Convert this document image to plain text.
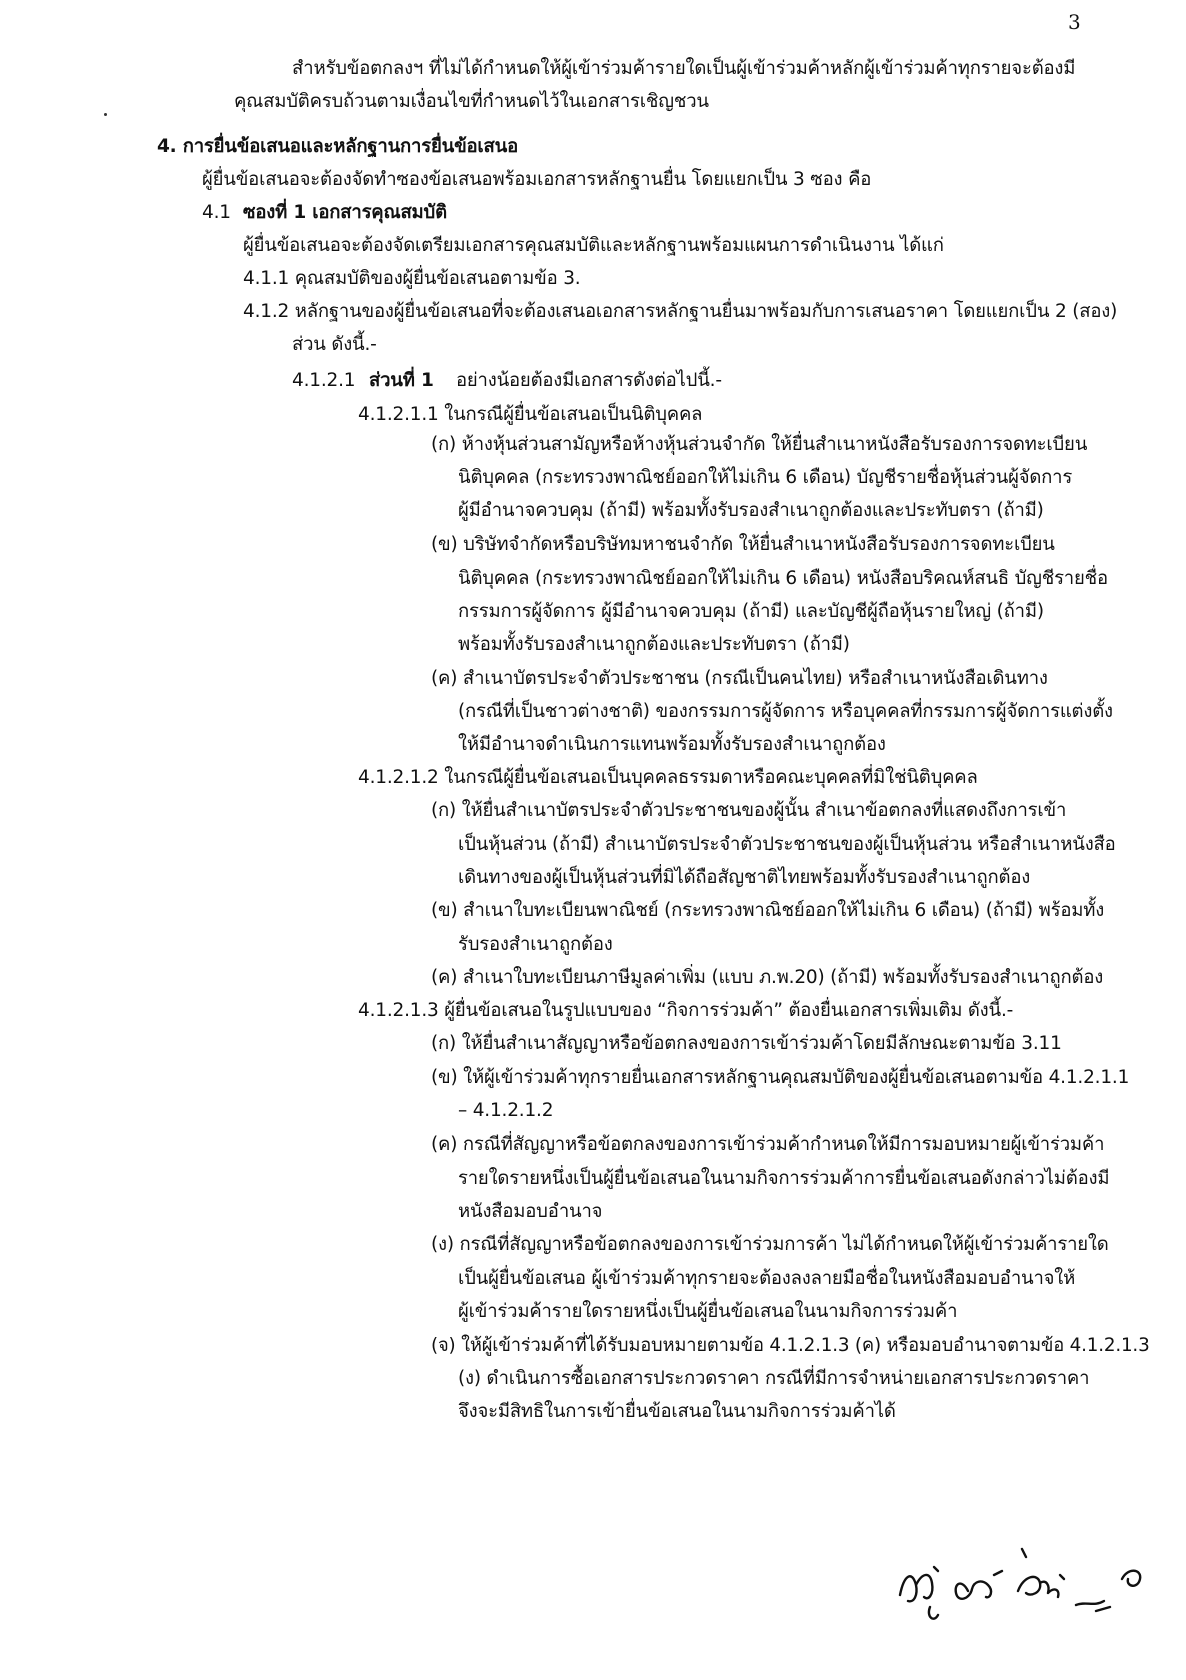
3
สำหรับข้อตกลงฯ ที่ไม่ได้กำหนดให้ผู้เข้าร่วมค้ารายใดเป็นผู้เข้าร่วมค้าหลักผู้เข้าร่วมค้าทุกรายจะต้องมี
คุณสมบัติครบถ้วนตามเงื่อนไขที่กำหนดไว้ในเอกสารเชิญชวน
4. การยื่นข้อเสนอและหลักฐานการยื่นข้อเสนอ
ผู้ยื่นข้อเสนอจะต้องจัดทำซองข้อเสนอพร้อมเอกสารหลักฐานยื่น โดยแยกเป็น 3 ซอง คือ
4.1 ซองที่ 1 เอกสารคุณสมบัติ
ผู้ยื่นข้อเสนอจะต้องจัดเตรียมเอกสารคุณสมบัติและหลักฐานพร้อมแผนการดำเนินงาน ได้แก่
4.1.1 คุณสมบัติของผู้ยื่นข้อเสนอตามข้อ 3.
4.1.2 หลักฐานของผู้ยื่นข้อเสนอที่จะต้องเสนอเอกสารหลักฐานยื่นมาพร้อมกับการเสนอราคา โดยแยกเป็น 2 (สอง)
ส่วน ดังนี้.-
4.1.2.1 ส่วนที่ 1 อย่างน้อยต้องมีเอกสารดังต่อไปนี้.-
4.1.2.1.1 ในกรณีผู้ยื่นข้อเสนอเป็นนิติบุคคล
(ก) ห้างหุ้นส่วนสามัญหรือห้างหุ้นส่วนจำกัด ให้ยื่นสำเนาหนังสือรับรองการจดทะเบียน
นิติบุคคล (กระทรวงพาณิชย์ออกให้ไม่เกิน 6 เดือน) บัญชีรายชื่อหุ้นส่วนผู้จัดการ
ผู้มีอำนาจควบคุม (ถ้ามี) พร้อมทั้งรับรองสำเนาถูกต้องและประทับตรา (ถ้ามี)
(ข) บริษัทจำกัดหรือบริษัทมหาชนจำกัด ให้ยื่นสำเนาหนังสือรับรองการจดทะเบียน
นิติบุคคล (กระทรวงพาณิชย์ออกให้ไม่เกิน 6 เดือน) หนังสือบริคณห์สนธิ บัญชีรายชื่อ
กรรมการผู้จัดการ ผู้มีอำนาจควบคุม (ถ้ามี) และบัญชีผู้ถือหุ้นรายใหญ่ (ถ้ามี)
พร้อมทั้งรับรองสำเนาถูกต้องและประทับตรา (ถ้ามี)
(ค) สำเนาบัตรประจำตัวประชาชน (กรณีเป็นคนไทย) หรือสำเนาหนังสือเดินทาง
(กรณีที่เป็นชาวต่างชาติ) ของกรรมการผู้จัดการ หรือบุคคลที่กรรมการผู้จัดการแต่งตั้ง
ให้มีอำนาจดำเนินการแทนพร้อมทั้งรับรองสำเนาถูกต้อง
4.1.2.1.2 ในกรณีผู้ยื่นข้อเสนอเป็นบุคคลธรรมดาหรือคณะบุคคลที่มิใช่นิติบุคคล
(ก) ให้ยื่นสำเนาบัตรประจำตัวประชาชนของผู้นั้น สำเนาข้อตกลงที่แสดงถึงการเข้า
เป็นหุ้นส่วน (ถ้ามี) สำเนาบัตรประจำตัวประชาชนของผู้เป็นหุ้นส่วน หรือสำเนาหนังสือ
เดินทางของผู้เป็นหุ้นส่วนที่มิได้ถือสัญชาติไทยพร้อมทั้งรับรองสำเนาถูกต้อง
(ข) สำเนาใบทะเบียนพาณิชย์ (กระทรวงพาณิชย์ออกให้ไม่เกิน 6 เดือน) (ถ้ามี) พร้อมทั้ง
รับรองสำเนาถูกต้อง
(ค) สำเนาใบทะเบียนภาษีมูลค่าเพิ่ม (แบบ ภ.พ.20) (ถ้ามี) พร้อมทั้งรับรองสำเนาถูกต้อง
4.1.2.1.3 ผู้ยื่นข้อเสนอในรูปแบบของ “กิจการร่วมค้า” ต้องยื่นเอกสารเพิ่มเติม ดังนี้.-
(ก) ให้ยื่นสำเนาสัญญาหรือข้อตกลงของการเข้าร่วมค้าโดยมีลักษณะตามข้อ 3.11
(ข) ให้ผู้เข้าร่วมค้าทุกรายยื่นเอกสารหลักฐานคุณสมบัติของผู้ยื่นข้อเสนอตามข้อ 4.1.2.1.1
– 4.1.2.1.2
(ค) กรณีที่สัญญาหรือข้อตกลงของการเข้าร่วมค้ากำหนดให้มีการมอบหมายผู้เข้าร่วมค้า
รายใดรายหนึ่งเป็นผู้ยื่นข้อเสนอในนามกิจการร่วมค้าการยื่นข้อเสนอดังกล่าวไม่ต้องมี
หนังสือมอบอำนาจ
(ง) กรณีที่สัญญาหรือข้อตกลงของการเข้าร่วมการค้า ไม่ได้กำหนดให้ผู้เข้าร่วมค้ารายใด
เป็นผู้ยื่นข้อเสนอ ผู้เข้าร่วมค้าทุกรายจะต้องลงลายมือชื่อในหนังสือมอบอำนาจให้
ผู้เข้าร่วมค้ารายใดรายหนึ่งเป็นผู้ยื่นข้อเสนอในนามกิจการร่วมค้า
(จ) ให้ผู้เข้าร่วมค้าที่ได้รับมอบหมายตามข้อ 4.1.2.1.3 (ค) หรือมอบอำนาจตามข้อ 4.1.2.1.3
(ง) ดำเนินการซื้อเอกสารประกวดราคา กรณีที่มีการจำหน่ายเอกสารประกวดราคา
จึงจะมีสิทธิในการเข้ายื่นข้อเสนอในนามกิจการร่วมค้าได้
